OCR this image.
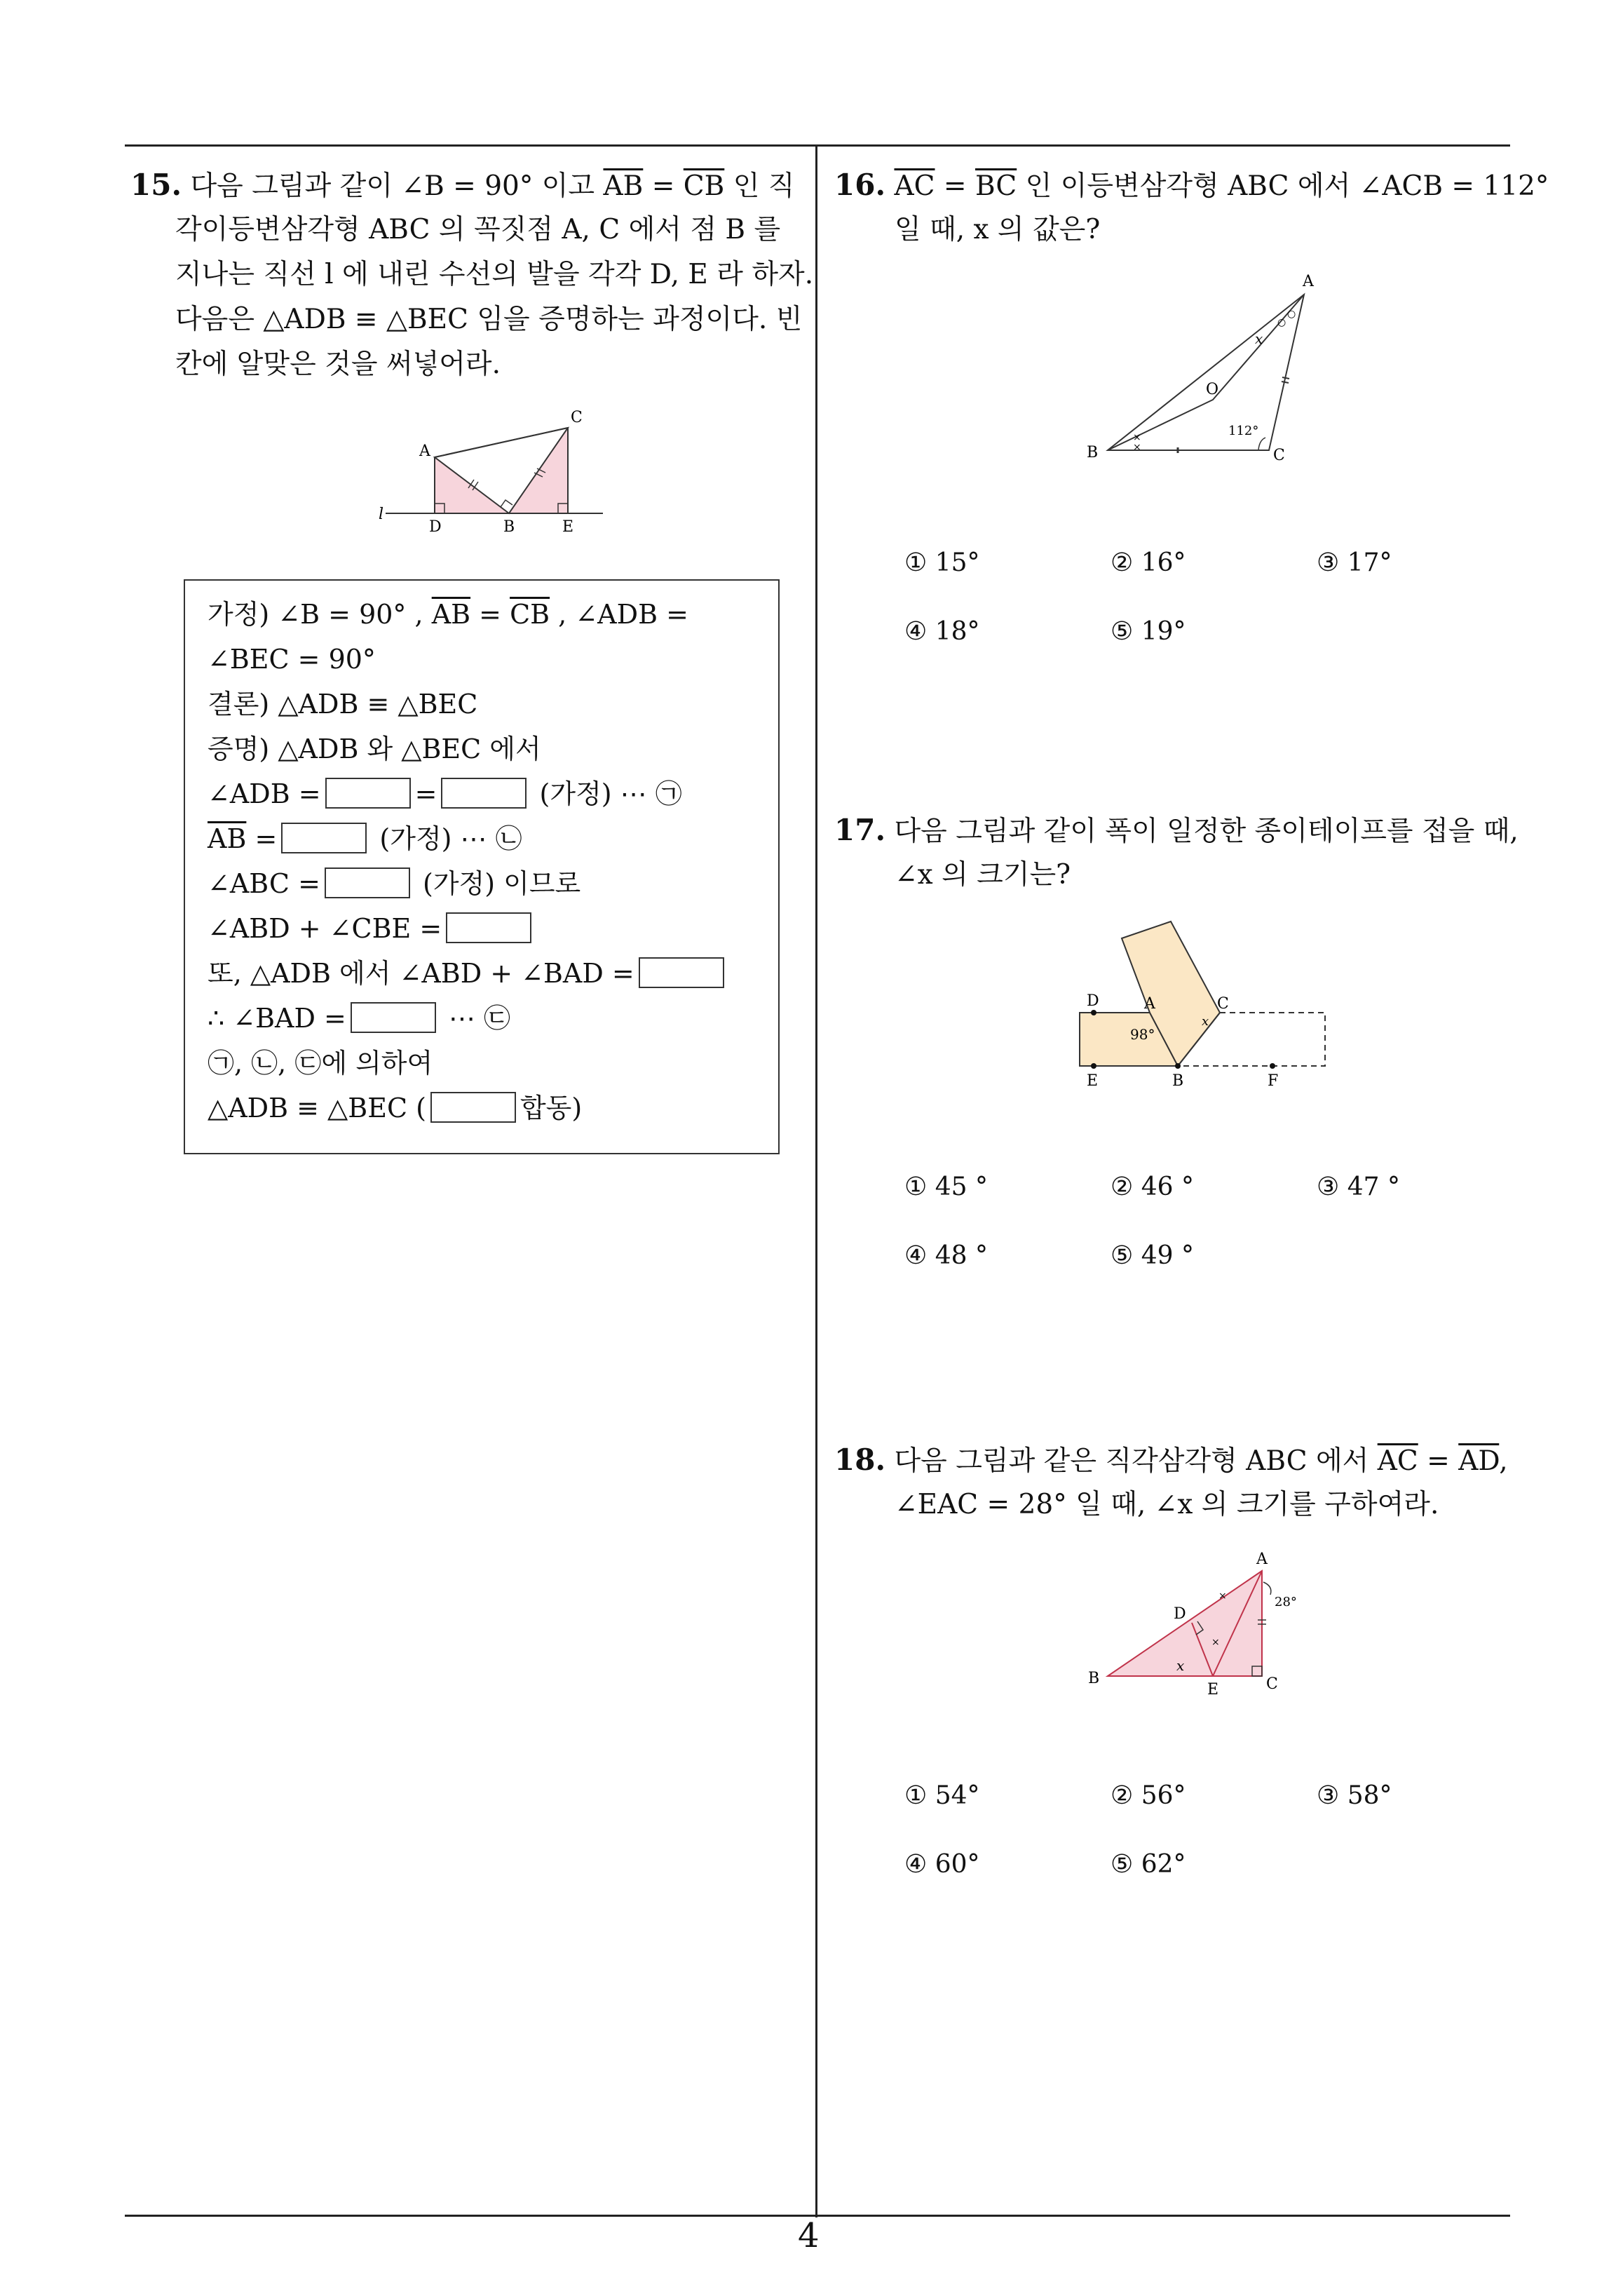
4
15. 다음 그림과 같이 ∠B = 90° 이고 $\overline{AB} = \overline{CB}$ 인 직
각이등변삼각형 ABC 의 꼭짓점 A, C 에서 점 B 를
지나는 직선 l 에 내린 수선의 발을 각각 D, E 라 하자.
다음은 △ADB ≡ △BEC 임을 증명하는 과정이다. 빈
칸에 알맞은 것을 써넣어라.
A
C
l
D	B	E
가정) ∠B = 90° , $\overline{AB} = \overline{CB}$ , ∠ADB =
∠BEC = 90°
결론) △ADB ≡ △BEC
증명) △ADB 와 △BEC 에서
∠ADB =	=	(가정) ⋯ ㉠
$\overline{AB}$ =	(가정) ⋯ ㉡
∠ABC =	(가정) 이므로
∠ABD + ∠CBE =
또, △ADB 에서 ∠ABD + ∠BAD =
∴ ∠BAD =	⋯ ㉢
㉠, ㉡, ㉢에 의하여
△ADB ≡ △BEC (	합동)
16. $\overline{AC} = \overline{BC}$ 인 이등변삼각형 ABC 에서 ∠ACB = 112°
일 때, x 의 값은?
×
×
○
○
A
B	C
O
x
112°
① 15°	② 16°	③ 17°
④ 18°	⑤ 19°
17. 다음 그림과 같이 폭이 일정한 종이테이프를 접을 때,
∠x 의 크기는?
D	A	C
E	B	F
98°
x
① 45 °	② 46 °	③ 47 °
④ 48 °	⑤ 49 °
18. 다음 그림과 같은 직각삼각형 ABC 에서 $\overline{AC} = \overline{AD}$,
∠EAC = 28° 일 때, ∠x 의 크기를 구하여라.
×
×
A
D
B
E	C
x
28°
① 54°	② 56°	③ 58°
④ 60°	⑤ 62°
